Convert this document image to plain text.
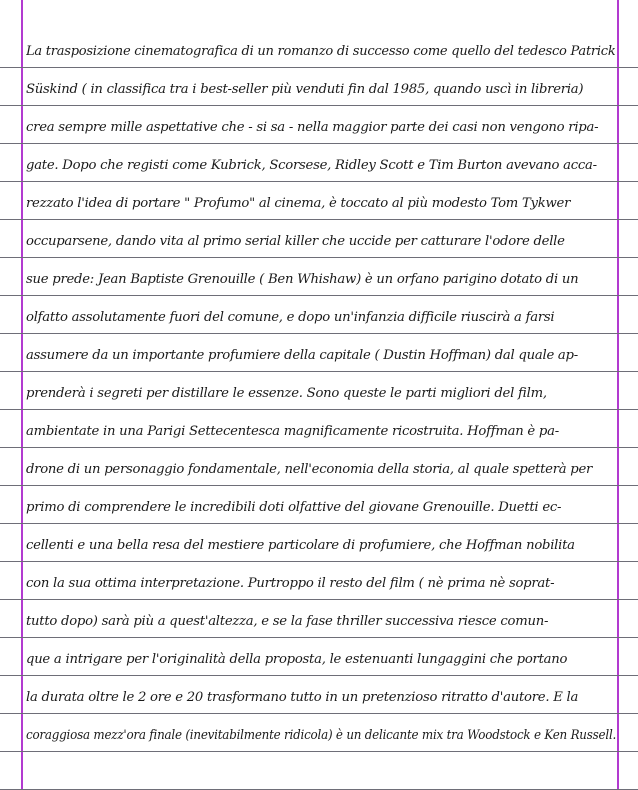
La trasposizione cinematografica di un romanzo di successo come quello del tedesco Patrick
Süskind ( in classifica tra i best-seller più venduti fin dal 1985, quando uscì in libreria)
crea sempre mille aspettative che - si sa - nella maggior parte dei casi non vengono ripa-
gate. Dopo che registi come Kubrick, Scorsese, Ridley Scott e Tim Burton avevano acca-
rezzato l'idea di portare " Profumo" al cinema, è toccato al più modesto Tom Tykwer
occuparsene, dando vita al primo serial killer che uccide per catturare l'odore delle
sue prede: Jean Baptiste Grenouille ( Ben Whishaw) è un orfano parigino dotato di un
olfatto assolutamente fuori del comune, e dopo un'infanzia difficile riuscirà a farsi
assumere da un importante profumiere della capitale ( Dustin Hoffman) dal quale ap-
prenderà i segreti per distillare le essenze. Sono queste le parti migliori del film,
ambientate in una Parigi Settecentesca magnificamente ricostruita. Hoffman è pa-
drone di un personaggio fondamentale, nell'economia della storia, al quale spetterà per
primo di comprendere le incredibili doti olfattive del giovane Grenouille. Duetti ec-
cellenti e una bella resa del mestiere particolare di profumiere, che Hoffman nobilita
con la sua ottima interpretazione. Purtroppo il resto del film ( nè prima nè soprat-
tutto dopo) sarà più a quest'altezza, e se la fase thriller successiva riesce comun-
que a intrigare per l'originalità della proposta, le estenuanti lungaggini che portano
la durata oltre le 2 ore e 20 trasformano tutto in un pretenzioso ritratto d'autore. E la
coraggiosa mezz'ora finale (inevitabilmente ridicola) è un delicante mix tra Woodstock e Ken Russell.
